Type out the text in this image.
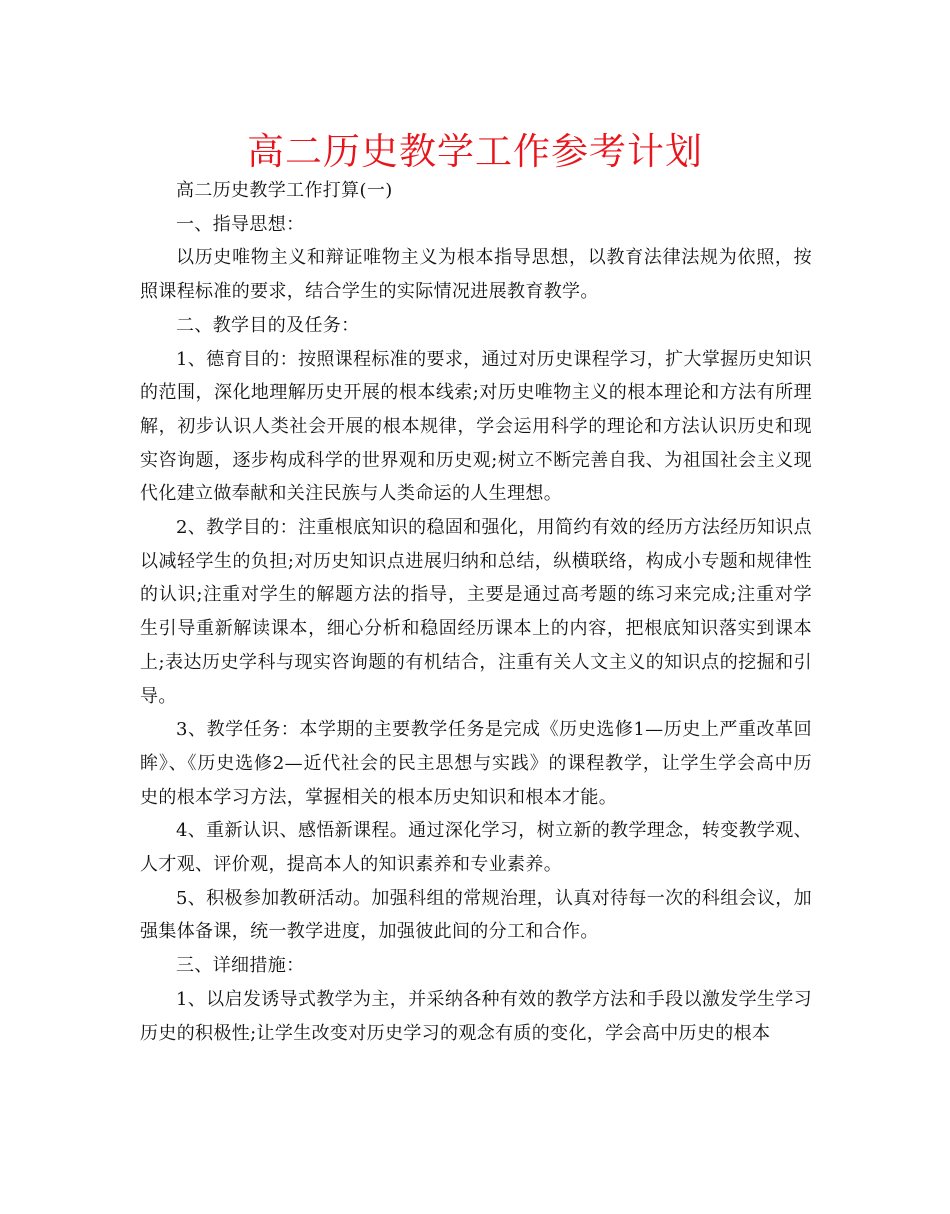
高二历史教学工作参考计划

高二历史教学工作打算(一)

一、指导思想：

以历史唯物主义和辩证唯物主义为根本指导思想，以教育法律法规为依照，按照课程标准的要求，结合学生的实际情况进展教育教学。

二、教学目的及任务：

1、德育目的：按照课程标准的要求，通过对历史课程学习，扩大掌握历史知识的范围，深化地理解历史开展的根本线索;对历史唯物主义的根本理论和方法有所理解，初步认识人类社会开展的根本规律，学会运用科学的理论和方法认识历史和现实咨询题，逐步构成科学的世界观和历史观;树立不断完善自我、为祖国社会主义现代化建立做奉献和关注民族与人类命运的人生理想。

2、教学目的：注重根底知识的稳固和强化，用简约有效的经历方法经历知识点以减轻学生的负担;对历史知识点进展归纳和总结，纵横联络，构成小专题和规律性的认识;注重对学生的解题方法的指导，主要是通过高考题的练习来完成;注重对学生引导重新解读课本，细心分析和稳固经历课本上的内容，把根底知识落实到课本上;表达历史学科与现实咨询题的有机结合，注重有关人文主义的知识点的挖掘和引导。

3、教学任务：本学期的主要教学任务是完成《历史选修1—历史上严重改革回眸》、《历史选修2—近代社会的民主思想与实践》的课程教学，让学生学会高中历史的根本学习方法，掌握相关的根本历史知识和根本才能。

4、重新认识、感悟新课程。通过深化学习，树立新的教学理念，转变教学观、人才观、评价观，提高本人的知识素养和专业素养。

5、积极参加教研活动。加强科组的常规治理，认真对待每一次的科组会议，加强集体备课，统一教学进度，加强彼此间的分工和合作。

三、详细措施：

1、以启发诱导式教学为主，并采纳各种有效的教学方法和手段以激发学生学习历史的积极性;让学生改变对历史学习的观念有质的变化，学会高中历史的根本
